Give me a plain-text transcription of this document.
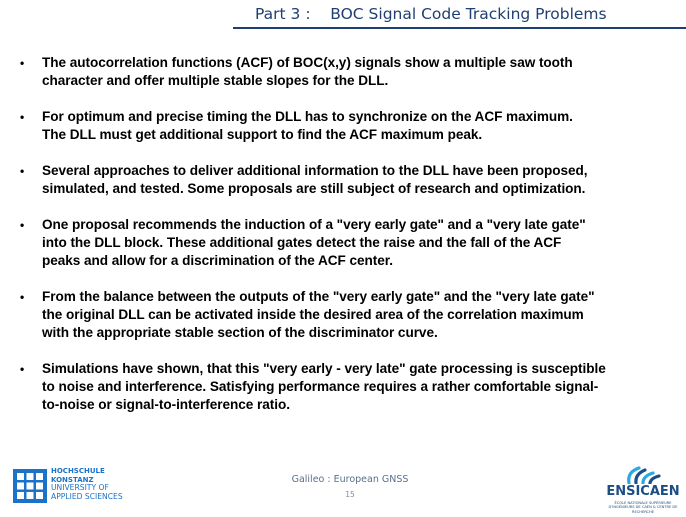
Part 3 :    BOC Signal Code Tracking Problems
• The autocorrelation functions (ACF) of BOC(x,y) signals show a multiple saw tooth
character and offer multiple stable slopes for the DLL.
• For optimum and precise timing the DLL has to synchronize on the ACF maximum.
The DLL must get additional support to find the ACF maximum peak.
• Several approaches to deliver additional information to the DLL have been proposed,
simulated, and tested. Some proposals are still subject of research and optimization.
• One proposal recommends the induction of a "very early gate" and a "very late gate"
into the DLL block. These additional gates detect the raise and the fall of the ACF
peaks and allow for a discrimination of the ACF center.
• From the balance between the outputs of the "very early gate" and the "very late gate"
the original DLL can be activated inside the desired area of the correlation maximum
with the appropriate stable section of the discriminator curve.
• Simulations have shown, that this "very early - very late" gate processing is susceptible
to noise and interference. Satisfying performance requires a rather comfortable signal-
to-noise or signal-to-interference ratio.
HOCHSCHULE
KONSTANZ
UNIVERSITY OF
APPLIED SCIENCES
Galileo : European GNSS
15	ENSICAEN
ÉCOLE NATIONALE SUPÉRIEURE D'INGÉNIEURS DE CAEN & CENTRE DE RECHERCHE
